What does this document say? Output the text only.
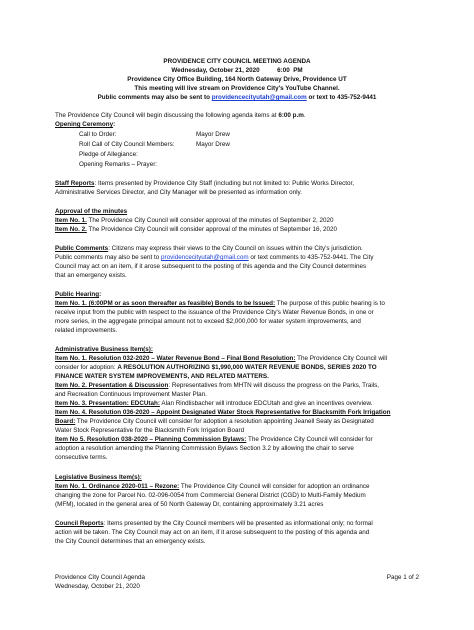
PROVIDENCE CITY COUNCIL MEETING AGENDA
Wednesday, October 21, 2020          6:00  PM
Providence City Office Building, 164 North Gateway Drive, Providence UT
This meeting will live stream on Providence City's YouTube Channel.
Public comments may also be sent to providencecityutah@gmail.com or text to 435-752-9441
The Providence City Council will begin discussing the following agenda items at 6:00 p.m.
Opening Ceremony:
Call to Order:	Mayor Drew
Roll Call of City Council Members:	Mayor Drew
Pledge of Allegiance:
Opening Remarks – Prayer:
Staff Reports: Items presented by Providence City Staff (including but not limited to: Public Works Director,
Administrative Services Director, and City Manager will be presented as information only.
Approval of the minutes
Item No. 1. The Providence City Council will consider approval of the minutes of September 2, 2020
Item No. 2. The Providence City Council will consider approval of the minutes of September 16, 2020
Public Comments: Citizens may express their views to the City Council on issues within the City's jurisdiction.
Public comments may also be sent to providencecityutah@gmail.com or text comments to 435-752-9441. The City
Council may act on an item, if it arose subsequent to the posting of this agenda and the City Council determines
that an emergency exists.
Public Hearing:
Item No. 1. (6:00PM or as soon thereafter as feasible) Bonds to be Issued: The purpose of this public hearing is to
receive input from the public with respect to the issuance of the Providence City's Water Revenue Bonds, in one or
more series, in the aggregate principal amount not to exceed $2,000,000 for water system improvements, and
related improvements.
Administrative Business Item(s):
Item No. 1. Resolution 032-2020 – Water Revenue Bond – Final Bond Resolution: The Providence City Council will
consider for adoption: A RESOLUTION AUTHORIZING $1,990,000 WATER REVENUE BONDS, SERIES 2020 TO
FINANCE WATER SYSTEM IMPROVEMENTS, AND RELATED MATTERS.
Item No. 2. Presentation & Discussion: Representatives from MHTN will discuss the progress on the Parks, Trails,
and Recreation Continuous Improvement Master Plan.
Item No. 3. Presentation: EDCUtah: Alan Rindlisbacher will introduce EDCUtah and give an incentives overview.
Item No. 4. Resolution 036-2020 – Appoint Designated Water Stock Representative for Blacksmith Fork Irrigation
Board: The Providence City Council will consider for adoption a resolution appointing Jeanell Sealy as Designated
Water Stock Representative for the Blacksmith Fork Irrigation Board
Item No 5. Resolution 038-2020 – Planning Commission Bylaws: The Providence City Council will consider for
adoption a resolution amending the Planning Commission Bylaws Section 3.2 by allowing the chair to serve
consecutive terms.
Legislative Business Item(s):
Item No. 1. Ordinance 2020-011 – Rezone: The Providence City Council will consider for adoption an ordinance
changing the zone for Parcel No. 02-096-0054 from Commercial General District (CGD) to Multi-Family Medium
(MFM), located in the general area of 50 North Gateway Dr, containing approximately 3.21 acres
Council Reports: Items presented by the City Council members will be presented as informational only; no formal
action will be taken. The City Council may act on an item, if it arose subsequent to the posting of this agenda and
the City Council determines that an emergency exists.
Providence City Council Agenda
Wednesday, October 21, 2020
Page 1 of 2
